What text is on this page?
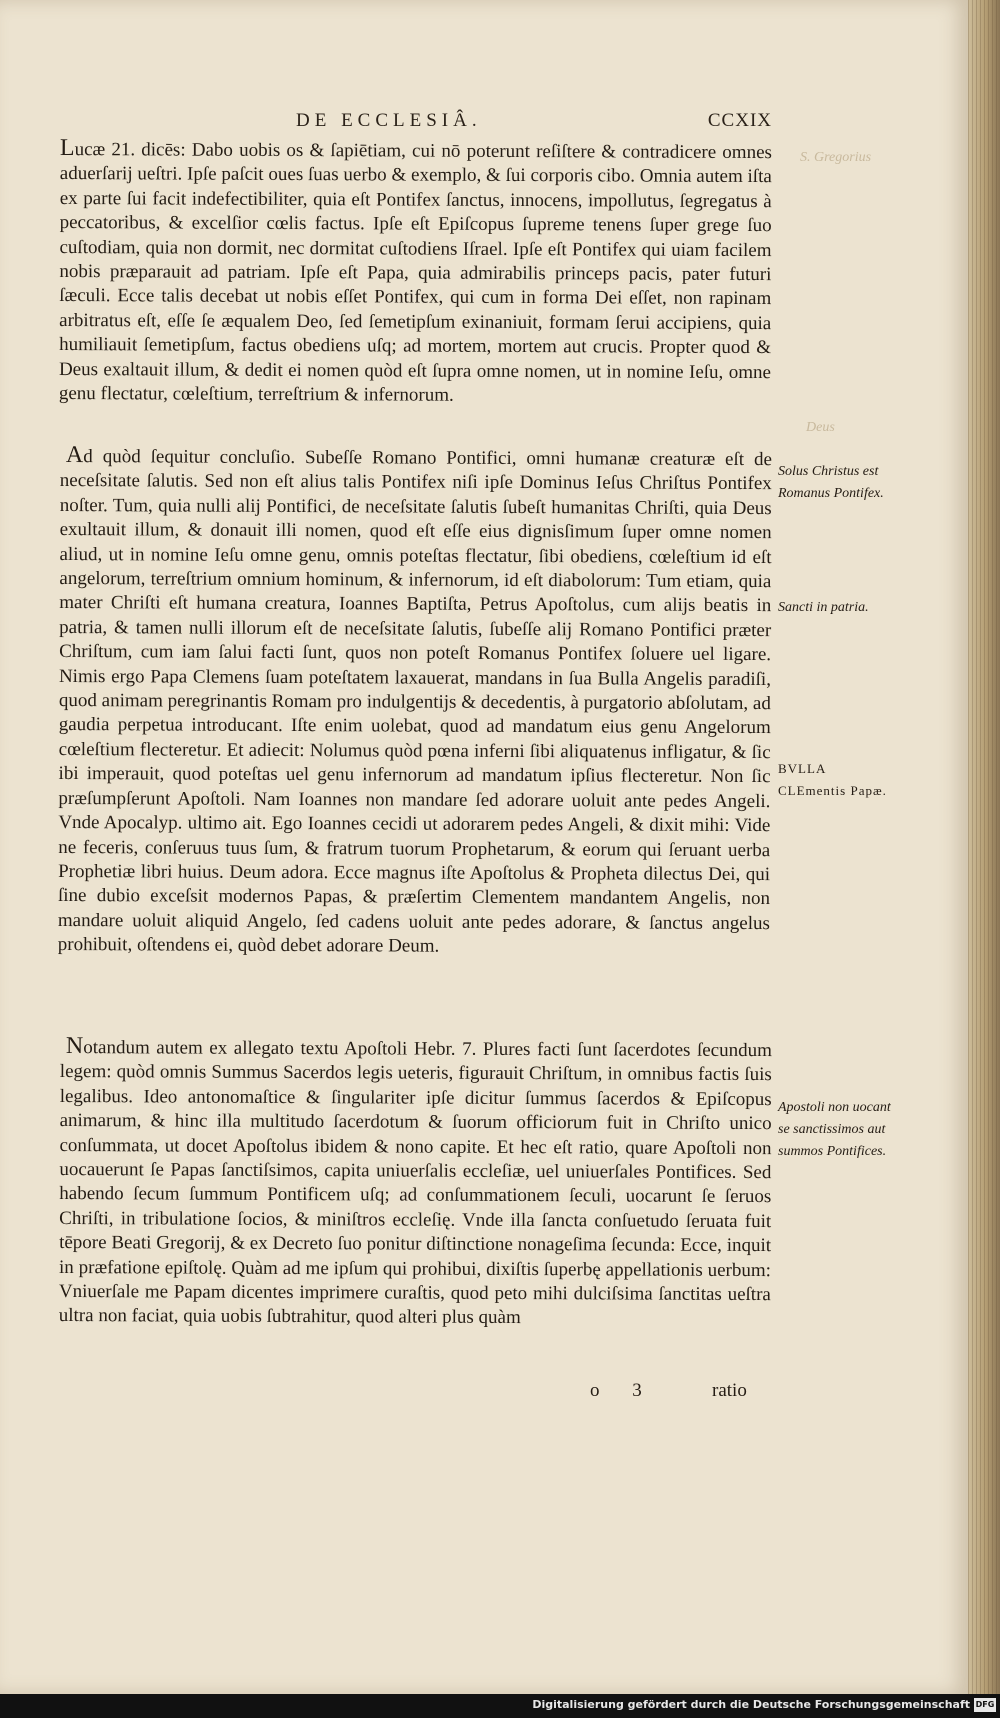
DE ECCLESIÂ.	CCXIX
S. Gregorius
Deus

Lucæ 21. dicēs: Dabo uobis os & ſapiētiam, cui nō poterunt reſiſtere & contradicere omnes aduerſarij ueſtri. Ipſe paſcit oues ſuas uerbo & exemplo, & ſui corporis cibo. Omnia autem iſta ex parte ſui facit indefectibiliter, quia eſt Pontifex ſanctus, innocens, impollutus, ſegregatus à peccatoribus, & excelſior cœlis factus. Ipſe eſt Epiſcopus ſupreme tenens ſuper grege ſuo cuſtodiam, quia non dormit, nec dormitat cuſtodiens Iſrael. Ipſe eſt Pontifex qui uiam facilem nobis præparauit ad patriam. Ipſe eſt Papa, quia admirabilis princeps pacis, pater futuri ſæculi. Ecce talis decebat ut nobis eſſet Pontifex, qui cum in forma Dei eſſet, non rapinam arbitratus eſt, eſſe ſe æqualem Deo, ſed ſemetipſum exinaniuit, formam ſerui accipiens, quia humiliauit ſemetipſum, factus obediens uſq; ad mortem, mortem aut crucis. Propter quod & Deus exaltauit illum, & dedit ei nomen quòd eſt ſupra omne nomen, ut in nomine Ieſu, omne genu flectatur, cœleſtium, terreſtrium & infernorum.

Ad quòd ſequitur concluſio. Subeſſe Romano Pontifici, omni humanæ creaturæ eſt de neceſsitate ſalutis. Sed non eſt alius talis Pontifex niſi ipſe Dominus Ieſus Chriſtus Pontifex noſter. Tum, quia nulli alij Pontifici, de neceſsitate ſalutis ſubeſt humanitas Chriſti, quia Deus exultauit illum, & donauit illi nomen, quod eſt eſſe eius dignisſimum ſuper omne nomen aliud, ut in nomine Ieſu omne genu, omnis poteſtas flectatur, ſibi obediens, cœleſtium id eſt angelorum, terreſtrium omnium hominum, & infernorum, id eſt diabolorum: Tum etiam, quia mater Chriſti eſt humana creatura, Ioannes Baptiſta, Petrus Apoſtolus, cum alijs beatis in patria, & tamen nulli illorum eſt de neceſsitate ſalutis, ſubeſſe alij Romano Pontifici præter Chriſtum, cum iam ſalui facti ſunt, quos non poteſt Romanus Pontifex ſoluere uel ligare. Nimis ergo Papa Clemens ſuam poteſtatem laxauerat, mandans in ſua Bulla Angelis paradiſi, quod animam peregrinantis Romam pro indulgentijs & decedentis, à purgatorio abſolutam, ad gaudia perpetua introducant. Iſte enim uolebat, quod ad mandatum eius genu Angelorum cœleſtium flecteretur. Et adiecit: Nolumus quòd pœna inferni ſibi aliquatenus infligatur, & ſic ibi imperauit, quod poteſtas uel genu infernorum ad mandatum ipſius flecteretur. Non ſic præſumpſerunt Apoſtoli. Nam Ioannes non mandare ſed adorare uoluit ante pedes Angeli. Vnde Apocalyp. ultimo ait. Ego Ioannes cecidi ut adorarem pedes Angeli, & dixit mihi: Vide ne feceris, conſeruus tuus ſum, & fratrum tuorum Prophetarum, & eorum qui ſeruant uerba Prophetiæ libri huius. Deum adora. Ecce magnus iſte Apoſtolus & Propheta dilectus Dei, qui ſine dubio exceſsit modernos Papas, & præſertim Clementem mandantem Angelis, non mandare uoluit aliquid Angelo, ſed cadens uoluit ante pedes adorare, & ſanctus angelus prohibuit, oſtendens ei, quòd debet adorare Deum.

Notandum autem ex allegato textu Apoſtoli Hebr. 7. Plures facti ſunt ſacerdotes ſecundum legem: quòd omnis Summus Sacerdos legis ueteris, figurauit Chriſtum, in omnibus factis ſuis legalibus. Ideo antonomaſtice & ſingulariter ipſe dicitur ſummus ſacerdos & Epiſcopus animarum, & hinc illa multitudo ſacerdotum & ſuorum officiorum fuit in Chriſto unico conſummata, ut docet Apoſtolus ibidem & nono capite. Et hec eſt ratio, quare Apoſtoli non uocauerunt ſe Papas ſanctiſsimos, capita uniuerſalis eccleſiæ, uel uniuerſales Pontifices. Sed habendo ſecum ſummum Pontificem uſq; ad conſummationem ſeculi, uocarunt ſe ſeruos Chriſti, in tribulatione ſocios, & miniſtros eccleſię. Vnde illa ſancta conſuetudo ſeruata fuit tēpore Beati Gregorij, & ex Decreto ſuo ponitur diſtinctione nonageſima ſecunda: Ecce, inquit in præfatione epiſtolę. Quàm ad me ipſum qui prohibui, dixiſtis ſuperbę appellationis uerbum: Vniuerſale me Papam dicentes imprimere curaſtis, quod peto mihi dulciſsima ſanctitas ueſtra ultra non faciat, quia uobis ſubtrahitur, quod alteri plus quàm

Solus Christus est Romanus Pontifex.
Sancti in patria.
BVLLA CLEmentis Papæ.
Apostoli non uocant se sanctissimos aut summos Pontifices.
o 3	ratio
Digitalisierung gefördert durch die Deutsche Forschungsgemeinschaft DFG
